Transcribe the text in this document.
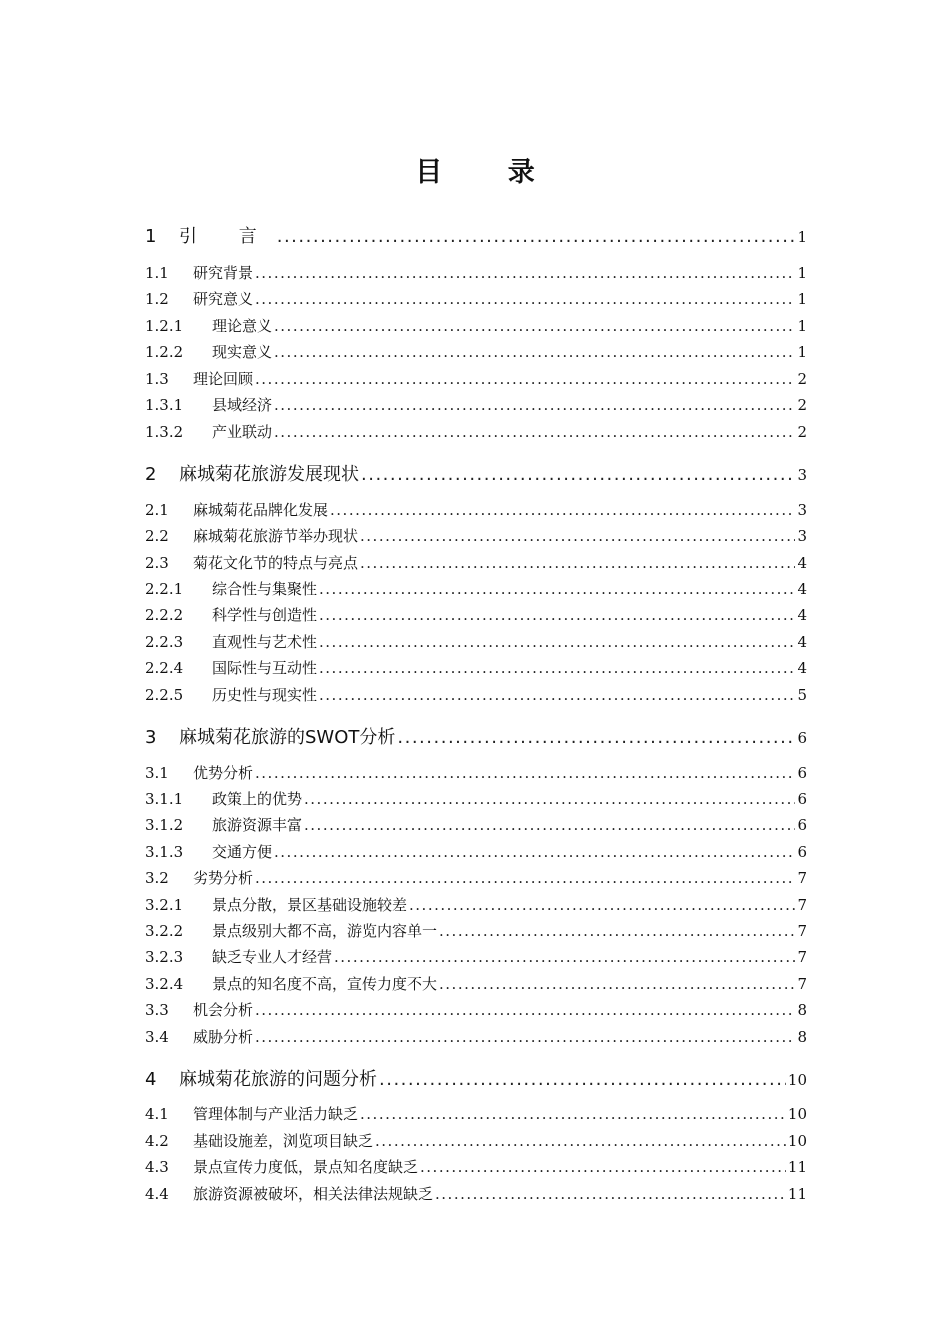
目 录
1	引 言 .....	1
1.1	研究背景 .....	1
1.2	研究意义 .....	1
1.2.1	理论意义 .....	1
1.2.2	现实意义 .....	1
1.3	理论回顾 .....	2
1.3.1	县域经济 .....	2
1.3.2	产业联动 .....	2
2	麻城菊花旅游发展现状 .....	3
2.1	麻城菊花品牌化发展 .....	3
2.2	麻城菊花旅游节举办现状 .....	3
2.3	菊花文化节的特点与亮点 .....	4
2.2.1	综合性与集聚性 .....	4
2.2.2	科学性与创造性 .....	4
2.2.3	直观性与艺术性 .....	4
2.2.4	国际性与互动性 .....	4
2.2.5	历史性与现实性 .....	5
3	麻城菊花旅游的SWOT分析 .....	6
3.1	优势分析 .....	6
3.1.1	政策上的优势 .....	6
3.1.2	旅游资源丰富 .....	6
3.1.3	交通方便 .....	6
3.2	劣势分析 .....	7
3.2.1	景点分散，景区基础设施较差 .....	7
3.2.2	景点级别大都不高，游览内容单一 .....	7
3.2.3	缺乏专业人才经营 .....	7
3.2.4	景点的知名度不高，宣传力度不大 .....	7
3.3	机会分析 .....	8
3.4	威胁分析 .....	8
4	麻城菊花旅游的问题分析 .....	10
4.1	管理体制与产业活力缺乏 .....	10
4.2	基础设施差，浏览项目缺乏 .....	10
4.3	景点宣传力度低，景点知名度缺乏 .....	11
4.4	旅游资源被破坏，相关法律法规缺乏 .....	11
